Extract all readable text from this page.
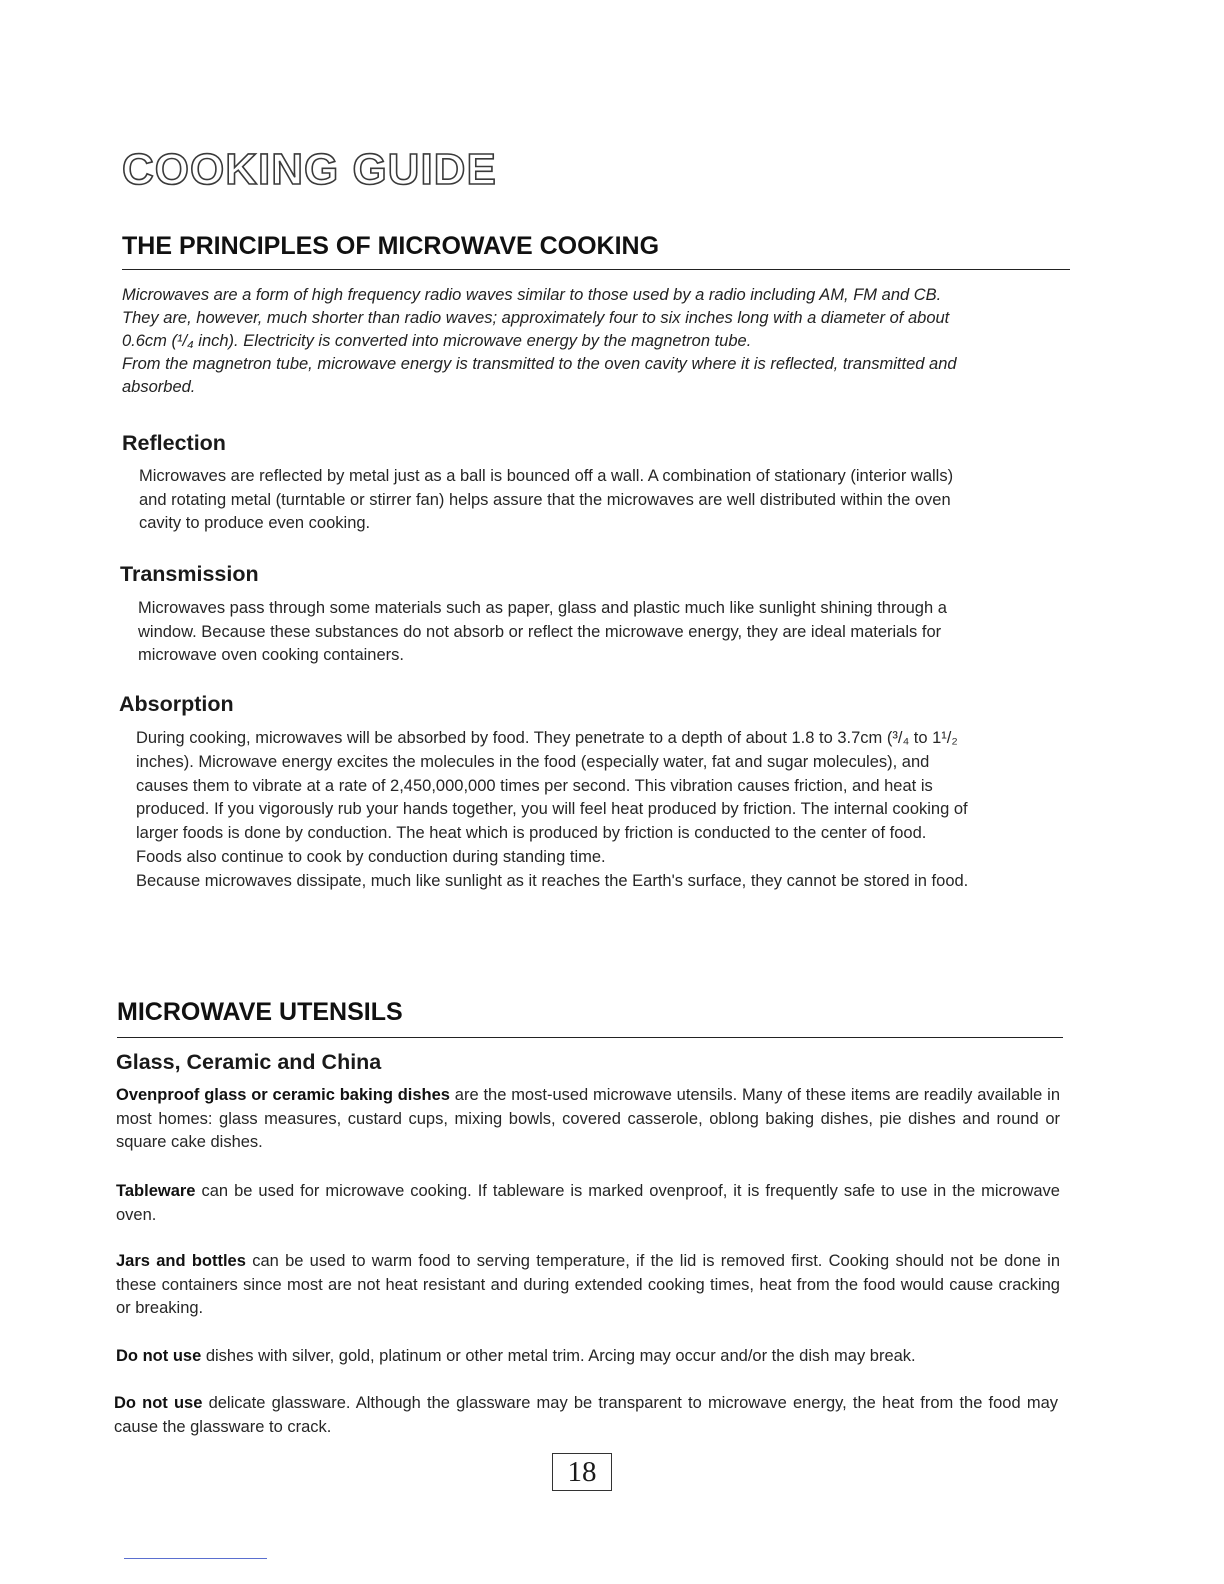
COOKING GUIDE
THE PRINCIPLES OF MICROWAVE COOKING

Microwaves are a form of high frequency radio waves similar to those used by a radio including AM, FM and CB.

They are, however, much shorter than radio waves; approximately four to six inches long with a diameter of about

0.6cm (¹/₄ inch). Electricity is converted into microwave energy by the magnetron tube.

From the magnetron tube, microwave energy is transmitted to the oven cavity where it is reflected, transmitted and

absorbed.

Reflection

Microwaves are reflected by metal just as a ball is bounced off a wall. A combination of stationary (interior walls)

and rotating metal (turntable or stirrer fan) helps assure that the microwaves are well distributed within the oven

cavity to produce even cooking.

Transmission

Microwaves pass through some materials such as paper, glass and plastic much like sunlight shining through a

window. Because these substances do not absorb or reflect the microwave energy, they are ideal materials for

microwave oven cooking containers.

Absorption

During cooking, microwaves will be absorbed by food. They penetrate to a depth of about 1.8 to 3.7cm (³/₄ to 1¹/₂

inches). Microwave energy excites the molecules in the food (especially water, fat and sugar molecules), and

causes them to vibrate at a rate of 2,450,000,000 times per second. This vibration causes friction, and heat is

produced. If you vigorously rub your hands together, you will feel heat produced by friction. The internal cooking of

larger foods is done by conduction. The heat which is produced by friction is conducted to the center of food.

Foods also continue to cook by conduction during standing time.

Because microwaves dissipate, much like sunlight as it reaches the Earth's surface, they cannot be stored in food.

MICROWAVE UTENSILS
Glass, Ceramic and China

Ovenproof glass or ceramic baking dishes are the most-used microwave utensils. Many of these items are readily available in most homes: glass measures, custard cups, mixing bowls, covered casserole, oblong baking dishes, pie dishes and round or square cake dishes.

Tableware can be used for microwave cooking. If tableware is marked ovenproof, it is frequently safe to use in the microwave oven.

Jars and bottles can be used to warm food to serving temperature, if the lid is removed first. Cooking should not be done in these containers since most are not heat resistant and during extended cooking times, heat from the food would cause cracking or breaking.

Do not use dishes with silver, gold, platinum or other metal trim. Arcing may occur and/or the dish may break.

Do not use delicate glassware. Although the glassware may be transparent to microwave energy, the heat from the food may cause the glassware to crack.

18
